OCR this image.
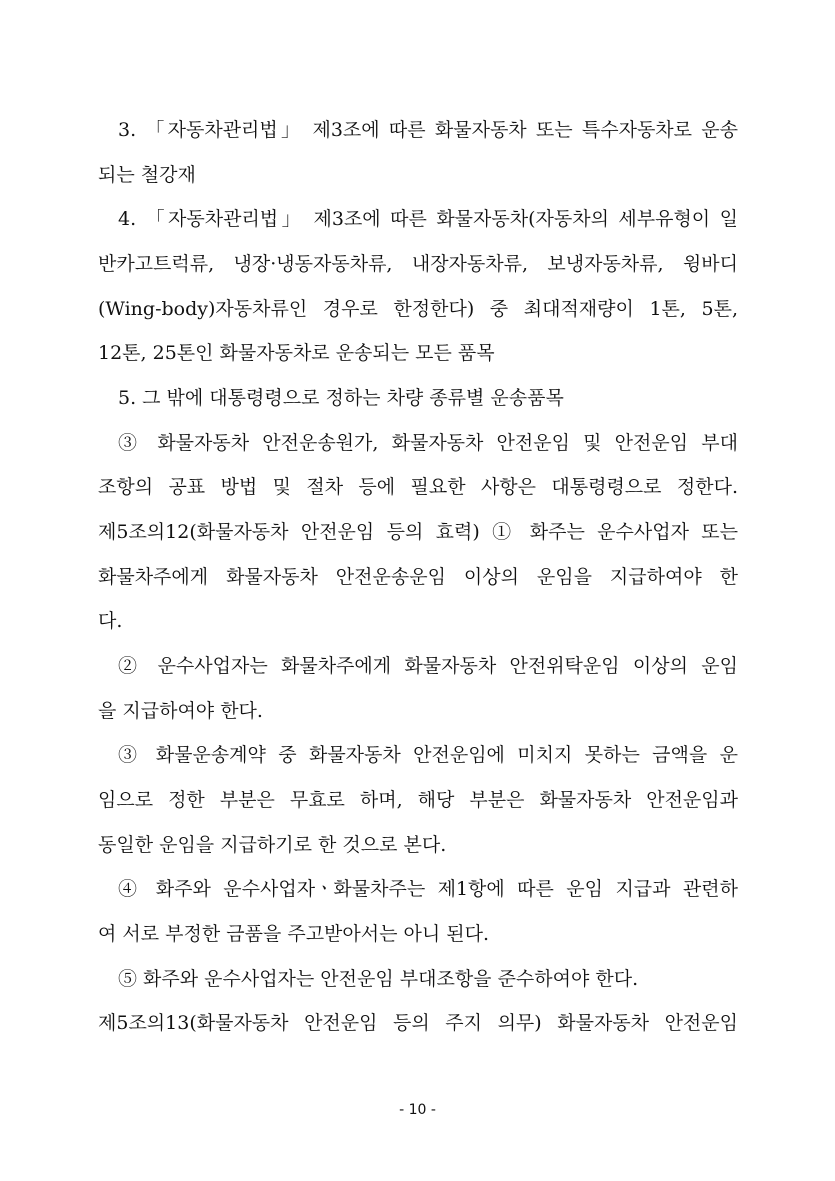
3. 「자동차관리법」 제3조에 따른 화물자동차 또는 특수자동차로 운송
되는 철강재
4. 「자동차관리법」 제3조에 따른 화물자동차(자동차의 세부유형이 일
반카고트럭류, 냉장·냉동자동차류, 내장자동차류, 보냉자동차류, 윙바디
(Wing-body)자동차류인 경우로 한정한다) 중 최대적재량이 1톤, 5톤,
12톤, 25톤인 화물자동차로 운송되는 모든 품목
5. 그 밖에 대통령령으로 정하는 차량 종류별 운송품목
③ 화물자동차 안전운송원가, 화물자동차 안전운임 및 안전운임 부대
조항의 공표 방법 및 절차 등에 필요한 사항은 대통령령으로 정한다.
제5조의12(화물자동차 안전운임 등의 효력) ① 화주는 운수사업자 또는
화물차주에게 화물자동차 안전운송운임 이상의 운임을 지급하여야 한
다.
② 운수사업자는 화물차주에게 화물자동차 안전위탁운임 이상의 운임
을 지급하여야 한다.
③ 화물운송계약 중 화물자동차 안전운임에 미치지 못하는 금액을 운
임으로 정한 부분은 무효로 하며, 해당 부분은 화물자동차 안전운임과
동일한 운임을 지급하기로 한 것으로 본다.
④ 화주와 운수사업자ㆍ화물차주는 제1항에 따른 운임 지급과 관련하
여 서로 부정한 금품을 주고받아서는 아니 된다.
⑤ 화주와 운수사업자는 안전운임 부대조항을 준수하여야 한다.
제5조의13(화물자동차 안전운임 등의 주지 의무) 화물자동차 안전운임
- 10 -
